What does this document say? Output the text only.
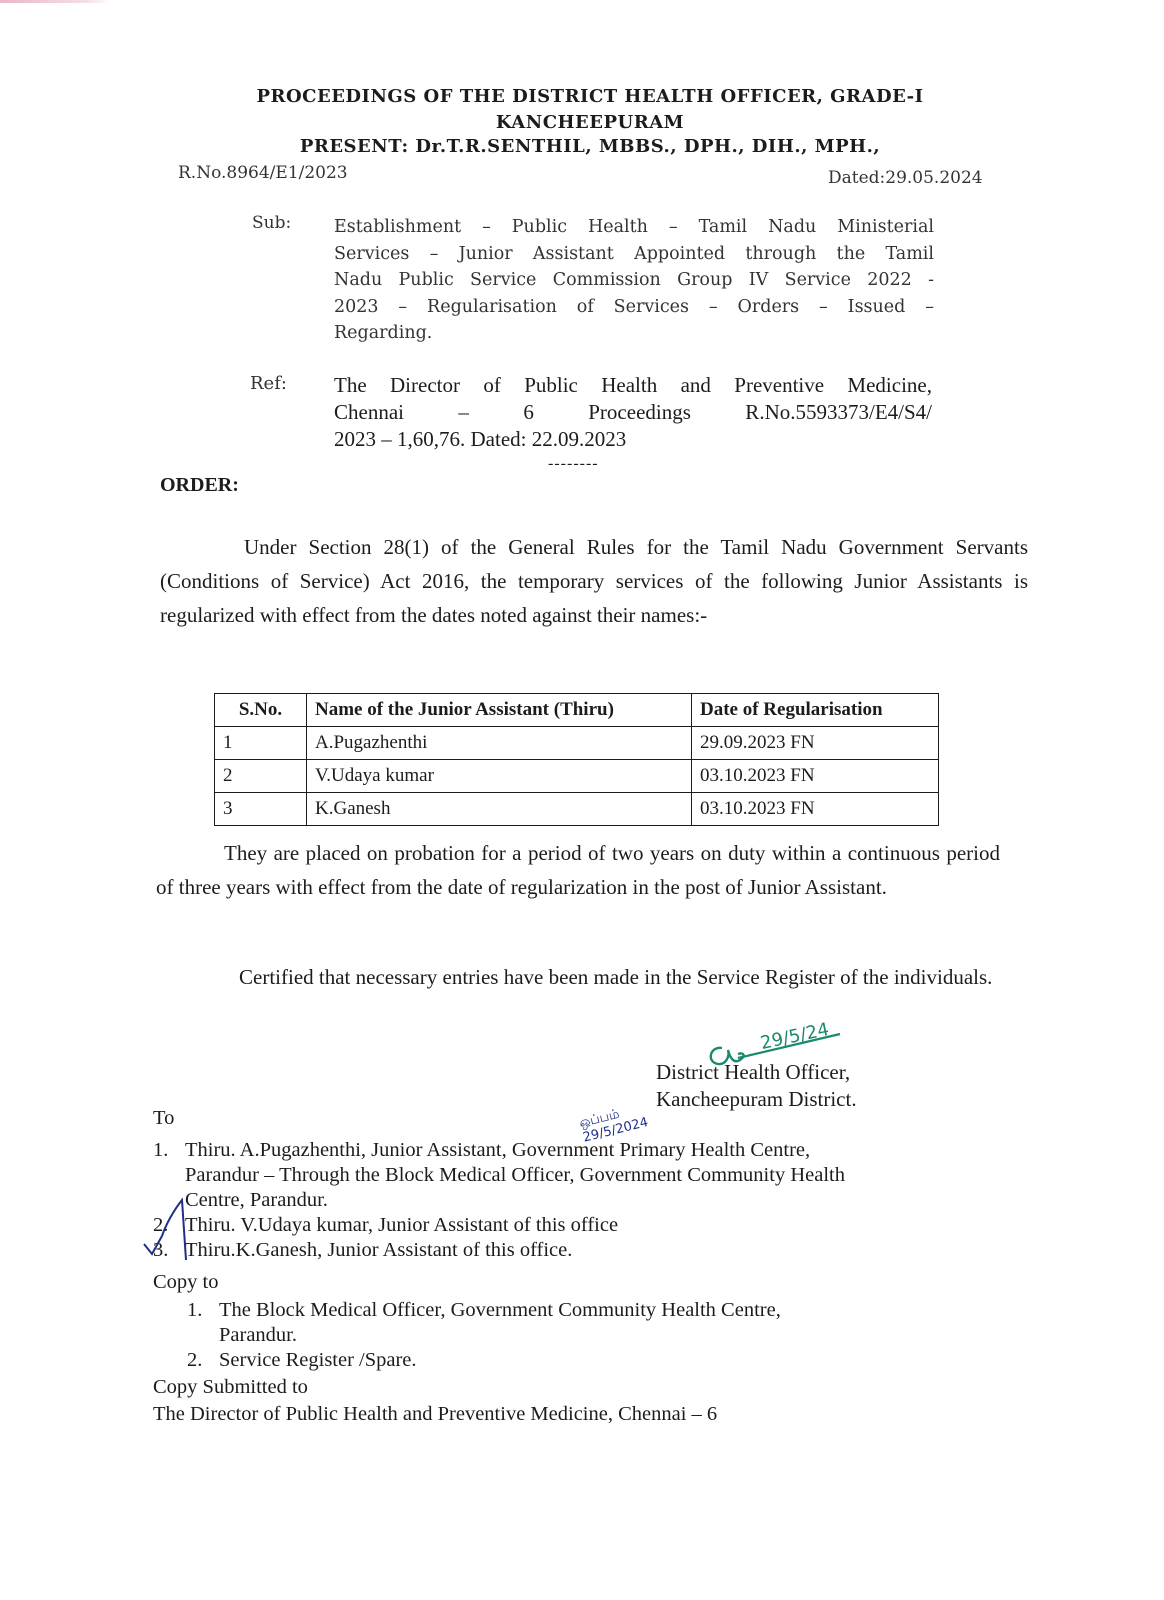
PROCEEDINGS OF THE DISTRICT HEALTH OFFICER, GRADE-I
KANCHEEPURAM
PRESENT: Dr.T.R.SENTHIL, MBBS., DPH., DIH., MPH.,
R.No.8964/E1/2023	Dated:29.05.2024
Sub: Establishment – Public Health – Tamil Nadu Ministerial
Services – Junior Assistant Appointed through the Tamil
Nadu Public Service Commission Group IV Service 2022 -
2023 – Regularisation of Services – Orders – Issued –
Regarding.
Ref: The Director of Public Health and Preventive Medicine,
Chennai – 6 Proceedings R.No.5593373/E4/S4/
2023 – 1,60,76. Dated: 22.09.2023
--------
ORDER:
Under Section 28(1) of the General Rules for the Tamil Nadu Government Servants (Conditions of Service) Act 2016, the temporary services of the following Junior Assistants is regularized with effect from the dates noted against their names:-
S.No.	Name of the Junior Assistant (Thiru)	Date of Regularisation
1	A.Pugazhenthi	29.09.2023 FN
2	V.Udaya kumar	03.10.2023 FN
3	K.Ganesh	03.10.2023 FN
They are placed on probation for a period of two years on duty within a continuous period of three years with effect from the date of regularization in the post of Junior Assistant.
Certified that necessary entries have been made in the Service Register of the individuals.
29/5/24
District Health Officer,
Kancheepuram District.
ஒப்பம் 29/5/2024
To
1. Thiru. A.Pugazhenthi, Junior Assistant, Government Primary Health Centre,
Parandur – Through the Block Medical Officer, Government Community Health
Centre, Parandur.
2. Thiru. V.Udaya kumar, Junior Assistant of this office
3. Thiru.K.Ganesh, Junior Assistant of this office.
Copy to
1. The Block Medical Officer, Government Community Health Centre,
Parandur.
2. Service Register /Spare.
Copy Submitted to
The Director of Public Health and Preventive Medicine, Chennai – 6
